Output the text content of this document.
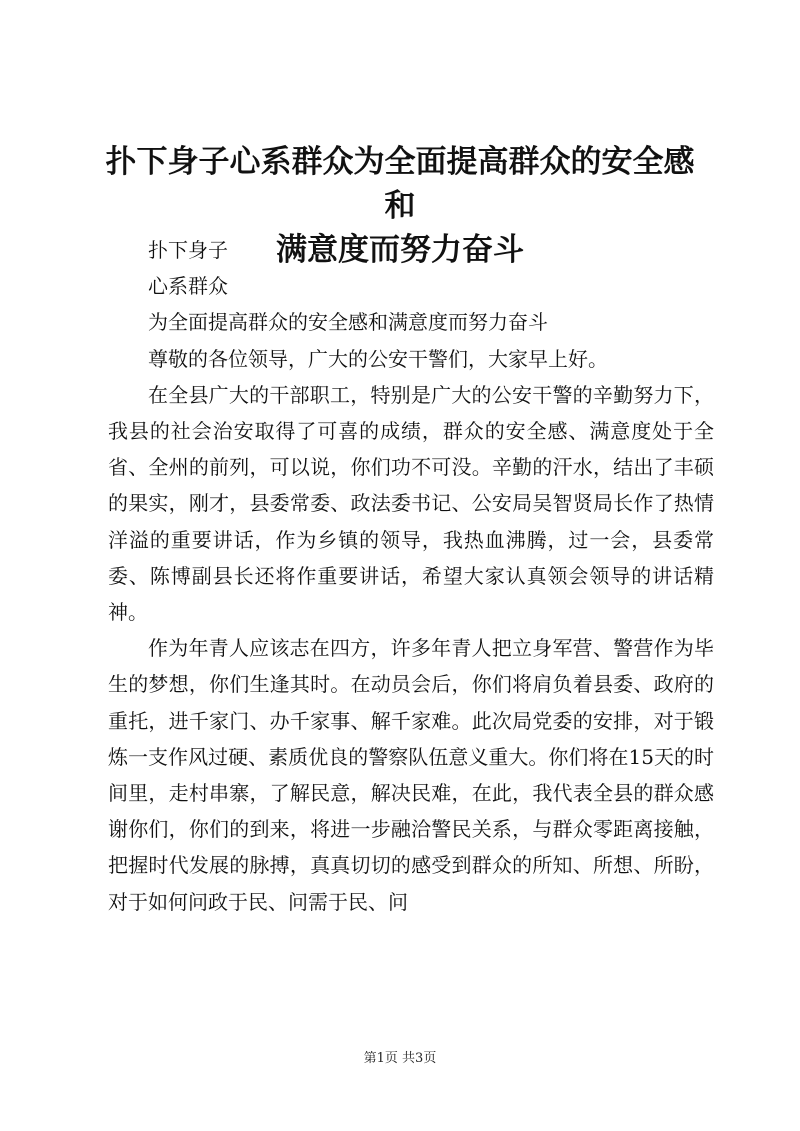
扑下身子心系群众为全面提高群众的安全感和
满意度而努力奋斗

扑下身子

心系群众

为全面提高群众的安全感和满意度而努力奋斗

尊敬的各位领导，广大的公安干警们，大家早上好。

在全县广大的干部职工，特别是广大的公安干警的辛勤努力下，我县的社会治安取得了可喜的成绩，群众的安全感、满意度处于全省、全州的前列，可以说，你们功不可没。辛勤的汗水，结出了丰硕的果实，刚才，县委常委、政法委书记、公安局吴智贤局长作了热情洋溢的重要讲话，作为乡镇的领导，我热血沸腾，过一会，县委常委、陈博副县长还将作重要讲话，希望大家认真领会领导的讲话精神。

作为年青人应该志在四方，许多年青人把立身军营、警营作为毕生的梦想，你们生逢其时。在动员会后，你们将肩负着县委、政府的重托，进千家门、办千家事、解千家难。此次局党委的安排，对于锻炼一支作风过硬、素质优良的警察队伍意义重大。你们将在15天的时间里，走村串寨，了解民意，解决民难，在此，我代表全县的群众感谢你们，你们的到来，将进一步融洽警民关系，与群众零距离接触，把握时代发展的脉搏，真真切切的感受到群众的所知、所想、所盼，对于如何问政于民、问需于民、问

第1页 共3页
